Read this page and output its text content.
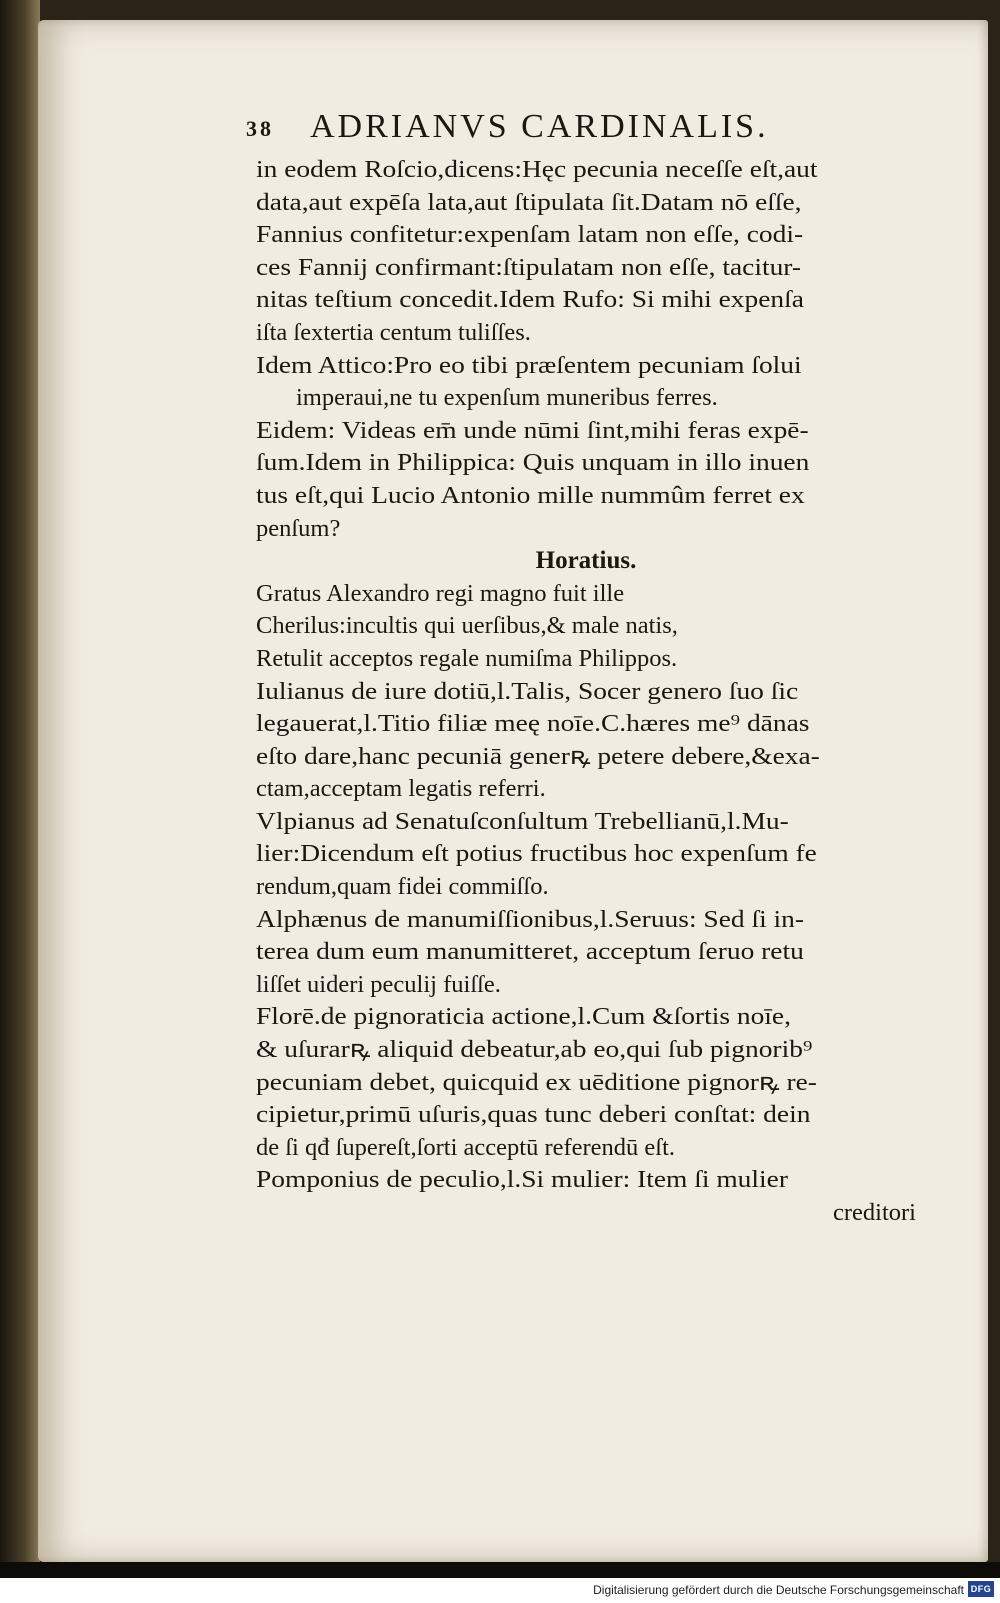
38 ADRIANVS CARDINALIS.
in eodem Roſcio,dicens:Hęc pecunia neceſſe eſt,aut
data,aut expēſa lata,aut ſtipulata ſit.Datam nō eſſe,
Fannius confitetur:expenſam latam non eſſe, codi-
ces Fannij confirmant:ſtipulatam non eſſe, tacitur-
nitas teſtium concedit.Idem Rufo: Si mihi expenſa
iſta ſextertia centum tuliſſes.
Idem Attico:Pro eo tibi præſentem pecuniam ſolui
imperaui,ne tu expenſum muneribus ferres.
Eidem: Videas em̄ unde nūmi ſint,mihi feras expē-
ſum.Idem in Philippica: Quis unquam in illo inuen
tus eſt,qui Lucio Antonio mille nummûm ferret ex
penſum?
Horatius.
Gratus Alexandro regi magno fuit ille
Cherilus:incultis qui uerſibus,& male natis,
Retulit acceptos regale numiſma Philippos.
Iulianus de iure dotiū,l.Talis, Socer genero ſuo ſic
legauerat,l.Titio filiæ meę noīe.C.hæres me⁹ dānas
eſto dare,hanc pecuniā generꝶ petere debere,&exa-
ctam,acceptam legatis referri.
Vlpianus ad Senatuſconſultum Trebellianū,l.Mu-
lier:Dicendum eſt potius fructibus hoc expenſum fe
rendum,quam fidei commiſſo.
Alphænus de manumiſſionibus,l.Seruus: Sed ſi in-
terea dum eum manumitteret, acceptum ſeruo retu
liſſet uideri peculij fuiſſe.
Florē.de pignoraticia actione,l.Cum &ſortis noīe,
& uſurarꝶ aliquid debeatur,ab eo,qui ſub pignorib⁹
pecuniam debet, quicquid ex uēditione pignorꝶ re-
cipietur,primū uſuris,quas tunc deberi conſtat: dein
de ſi qđ ſupereſt,ſorti acceptū referendū eſt.
Pomponius de peculio,l.Si mulier: Item ſi mulier
creditori
Digitalisierung gefördert durch die Deutsche Forschungsgemeinschaft DFG
